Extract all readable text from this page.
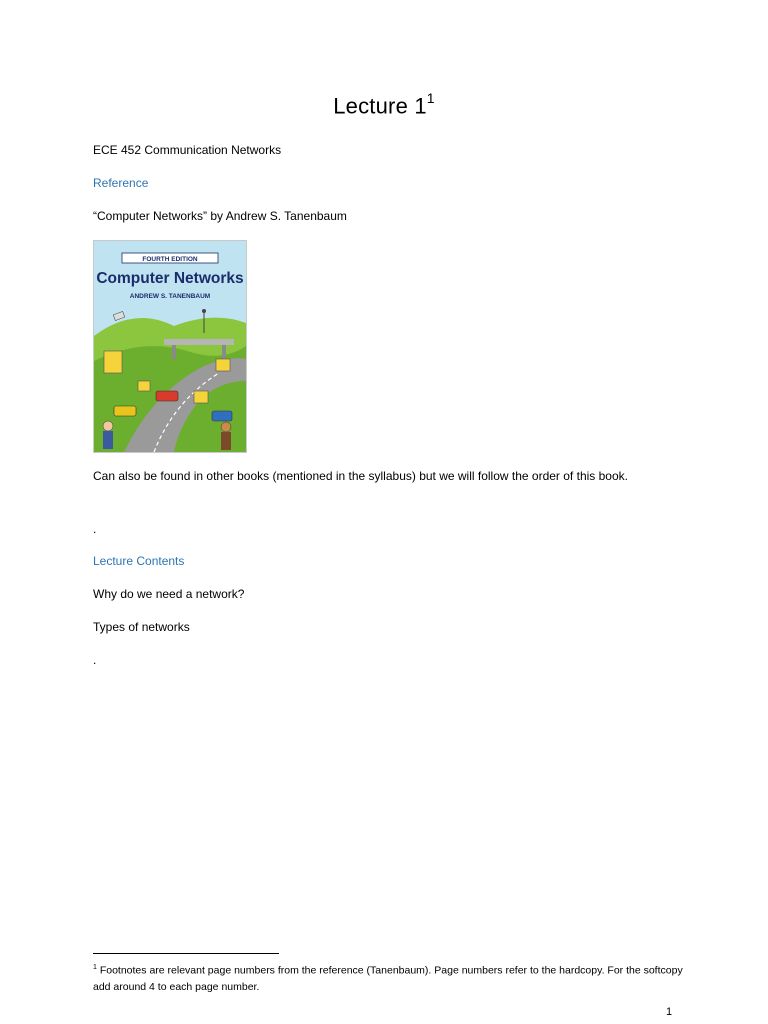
Lecture $1^1$
ECE 452 Communication Networks
Reference
“Computer Networks” by Andrew S. Tanenbaum
FOURTH EDITION
Computer Networks
ANDREW S. TANENBAUM
Can also be found in other books (mentioned in the syllabus) but we will follow the order of this book.
.
Lecture Contents
Why do we need a network?
Types of networks
.
$^1$ Footnotes are relevant page numbers from the reference (Tanenbaum). Page numbers refer to the hardcopy. For the softcopy add around 4 to each page number.
1
